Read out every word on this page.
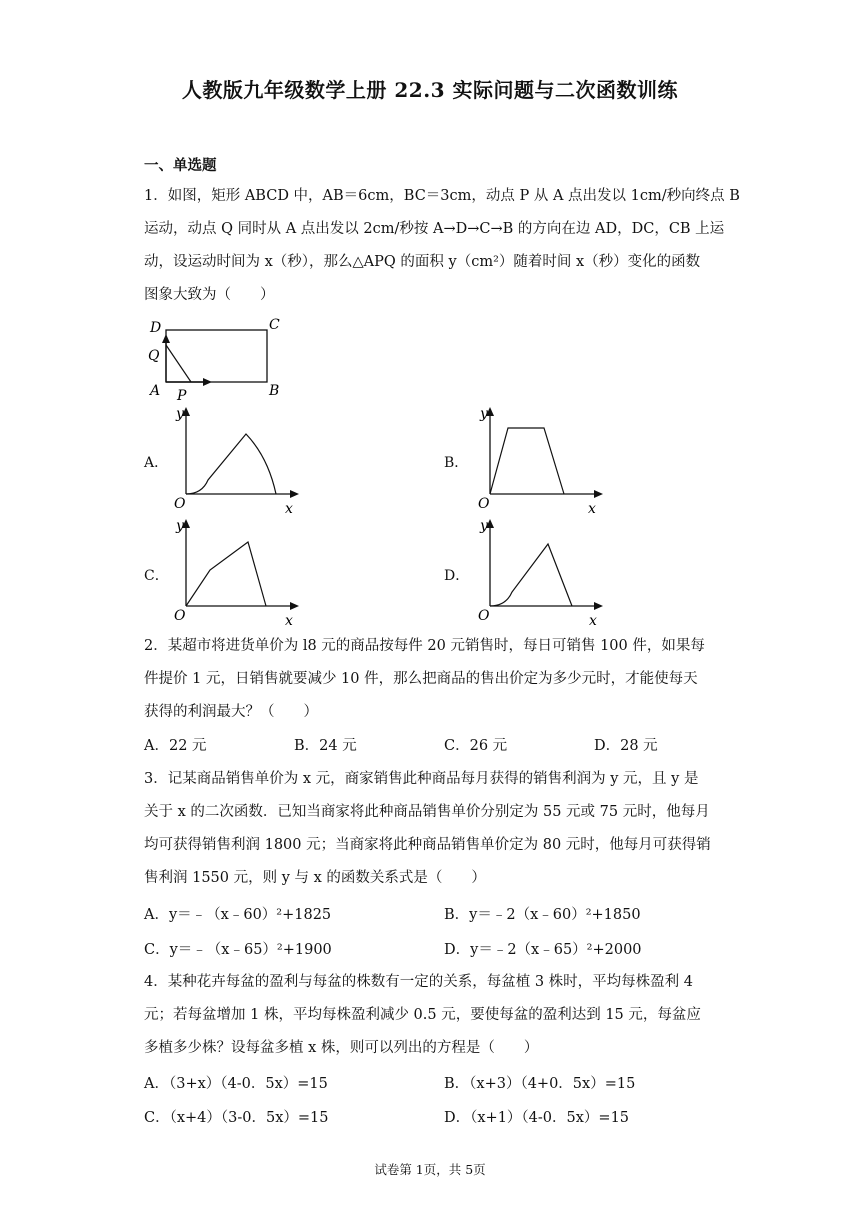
人教版九年级数学上册 22.3 实际问题与二次函数训练
一、单选题
1．如图，矩形 ABCD 中，AB＝6cm，BC＝3cm，动点 P 从 A 点出发以 1cm/秒向终点 B
运动，动点 Q 同时从 A 点出发以 2cm/秒按 A→D→C→B 的方向在边 AD，DC，CB 上运
动，设运动时间为 x（秒），那么△APQ 的面积 y（cm²）随着时间 x（秒）变化的函数
图象大致为（　　）
D	C
Q
A P	B
A．
y
x
O
B．
y
x
O
C．
y
x
O
D．
y
x
O
2．某超市将进货单价为 l8 元的商品按每件 20 元销售时，每日可销售 100 件，如果每
件提价 1 元，日销售就要减少 10 件，那么把商品的售出价定为多少元时，才能使每天
获得的利润最大？（　　）
A．22 元	B．24 元	C．26 元	D．28 元
3．记某商品销售单价为 x 元，商家销售此种商品每月获得的销售利润为 y 元，且 y 是
关于 x 的二次函数．已知当商家将此种商品销售单价分别定为 55 元或 75 元时，他每月
均可获得销售利润 1800 元；当商家将此种商品销售单价定为 80 元时，他每月可获得销
售利润 1550 元，则 y 与 x 的函数关系式是（　　）
A．y＝﹣（x﹣60）²+1825	B．y＝﹣2（x﹣60）²+1850
C．y＝﹣（x﹣65）²+1900	D．y＝﹣2（x﹣65）²+2000
4．某种花卉每盆的盈利与每盆的株数有一定的关系，每盆植 3 株时，平均每株盈利 4
元；若每盆增加 1 株，平均每株盈利减少 0.5 元，要使每盆的盈利达到 15 元，每盆应
多植多少株？设每盆多植 x 株，则可以列出的方程是（　　）
A．（3+x）（4-0．5x）=15	B．（x+3）（4+0．5x）=15
C．（x+4）（3-0．5x）=15	D．（x+1）（4-0．5x）=15
试卷第 1页，共 5页
